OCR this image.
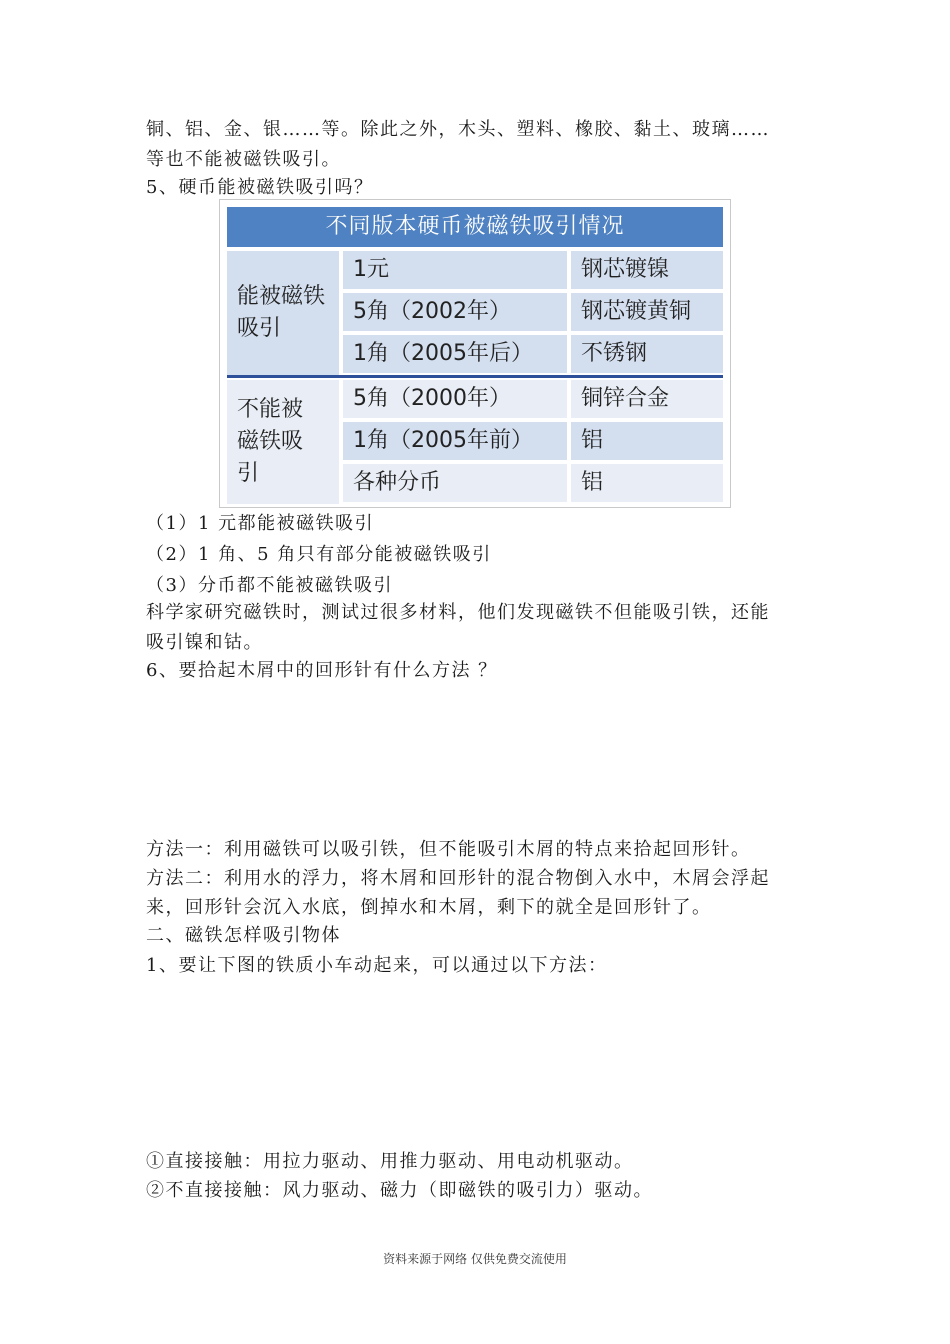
铜、铝、金、银……等。除此之外，木头、塑料、橡胶、黏土、玻璃……
等也不能被磁铁吸引。
5、硬币能被磁铁吸引吗？
不同版本硬币被磁铁吸引情况
能被磁铁吸引
1元	钢芯镀镍
5角（2002年）	钢芯镀黄铜
1角（2005年后）	不锈钢
不能被磁铁吸引
5角（2000年）	铜锌合金
1角（2005年前）	铝
各种分币	铝
（1）1 元都能被磁铁吸引
（2）1 角、5 角只有部分能被磁铁吸引
（3）分币都不能被磁铁吸引
科学家研究磁铁时，测试过很多材料，他们发现磁铁不但能吸引铁，还能
吸引镍和钴。
6、要拾起木屑中的回形针有什么方法 ？
方法一：利用磁铁可以吸引铁，但不能吸引木屑的特点来拾起回形针。
方法二：利用水的浮力，将木屑和回形针的混合物倒入水中，木屑会浮起
来，回形针会沉入水底，倒掉水和木屑，剩下的就全是回形针了。
二、磁铁怎样吸引物体
1、要让下图的铁质小车动起来，可以通过以下方法：
①直接接触：用拉力驱动、用推力驱动、用电动机驱动。
②不直接接触：风力驱动、磁力（即磁铁的吸引力）驱动。
资料来源于网络 仅供免费交流使用
